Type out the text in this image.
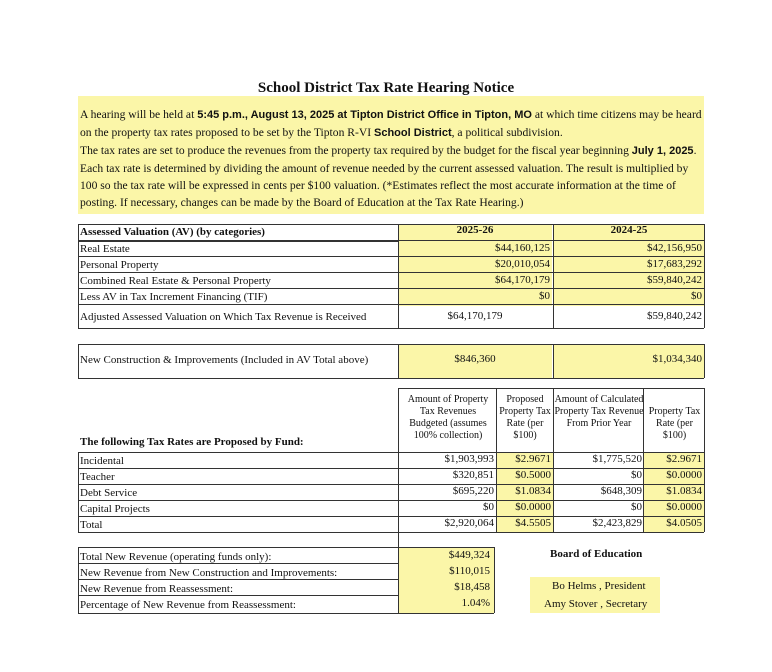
School District Tax Rate Hearing Notice
A hearing will be held at 5:45 p.m., August 13, 2025 at Tipton District Office in Tipton, MO at which time citizens may be heard on the property tax rates proposed to be set by the Tipton R-VI School District, a political subdivision.
The tax rates are set to produce the revenues from the property tax required by the budget for the fiscal year beginning July 1, 2025. Each tax rate is determined by dividing the amount of revenue needed by the current assessed valuation. The result is multiplied by 100 so the tax rate will be expressed in cents per $100 valuation. (*Estimates reflect the most accurate information at the time of posting. If necessary, changes can be made by the Board of Education at the Tax Rate Hearing.)
Assessed Valuation (AV) (by categories)	2025-26	2024-25
Real Estate	$44,160,125	$42,156,950
Personal Property	$20,010,054	$17,683,292
Combined Real Estate & Personal Property	$64,170,179	$59,840,242
Less AV in Tax Increment Financing (TIF)	$0	$0
Adjusted Assessed Valuation on Which Tax Revenue is Received	$64,170,179	$59,840,242
New Construction & Improvements (Included in AV Total above)	$846,360	$1,034,340
Amount of Property Tax Revenues Budgeted (assumes 100% collection)
Proposed Property Tax Rate (per $100)
Amount of Calculated Property Tax Revenue From Prior Year
Property Tax Rate (per $100)
The following Tax Rates are Proposed by Fund:
Incidental	$1,903,993	$2.9671	$1,775,520	$2.9671
Teacher	$320,851	$0.5000	$0	$0.0000
Debt Service	$695,220	$1.0834	$648,309	$1.0834
Capital Projects	$0	$0.0000	$0	$0.0000
Total	$2,920,064	$4.5505	$2,423,829	$4.0505
Total New Revenue (operating funds only):	$449,324
New Revenue from New Construction and Improvements:	$110,015
New Revenue from Reassessment:	$18,458
Percentage of New Revenue from Reassessment:	1.04%
Board of Education
Bo Helms , President
Amy Stover , Secretary
